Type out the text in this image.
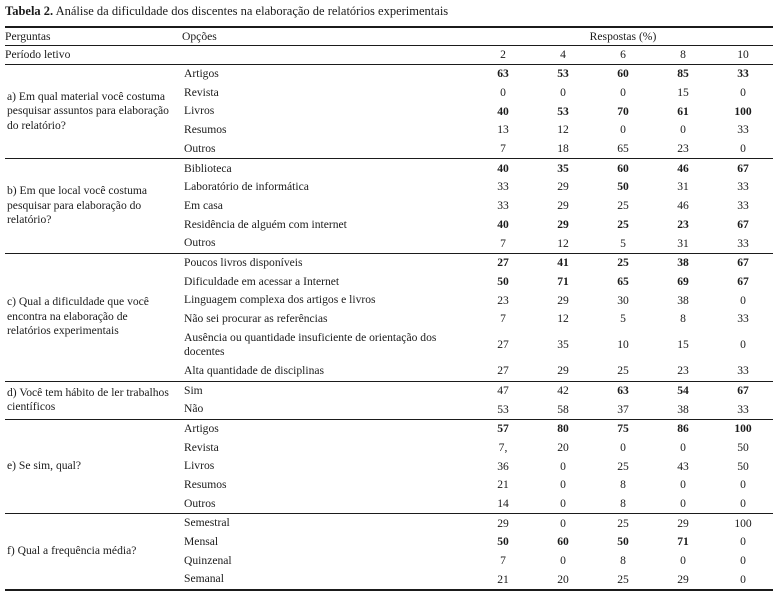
Tabela 2. Análise da dificuldade dos discentes na elaboração de relatórios experimentais
Perguntas	Opções	Respostas (%)				
Período letivo		2	4	6	8	10
a) Em qual material você costuma pesquisar assuntos para elaboração do relatório?	Artigos	63	53	60	85	33
	Revista	0	0	0	15	0
	Livros	40	53	70	61	100
	Resumos	13	12	0	0	33
	Outros	7	18	65	23	0
b) Em que local você costuma pesquisar para elaboração do relatório?	Biblioteca	40	35	60	46	67
	Laboratório de informática	33	29	50	31	33
	Em casa	33	29	25	46	33
	Residência de alguém com internet	40	29	25	23	67
	Outros	7	12	5	31	33
c) Qual a dificuldade que você encontra na elaboração de relatórios experimentais	Poucos livros disponíveis	27	41	25	38	67
	Dificuldade em acessar a Internet	50	71	65	69	67
	Linguagem complexa dos artigos e livros	23	29	30	38	0
	Não sei procurar as referências	7	12	5	8	33
	Ausência ou quantidade insuficiente de orientação dos docentes	27	35	10	15	0
	Alta quantidade de disciplinas	27	29	25	23	33
d) Você tem hábito de ler trabalhos científicos	Sim	47	42	63	54	67
	Não	53	58	37	38	33
e) Se sim, qual?	Artigos	57	80	75	86	100
	Revista	7,	20	0	0	50
	Livros	36	0	25	43	50
	Resumos	21	0	8	0	0
	Outros	14	0	8	0	0
f) Qual a frequência média?	Semestral	29	0	25	29	100
	Mensal	50	60	50	71	0
	Quinzenal	7	0	8	0	0
	Semanal	21	20	25	29	0
